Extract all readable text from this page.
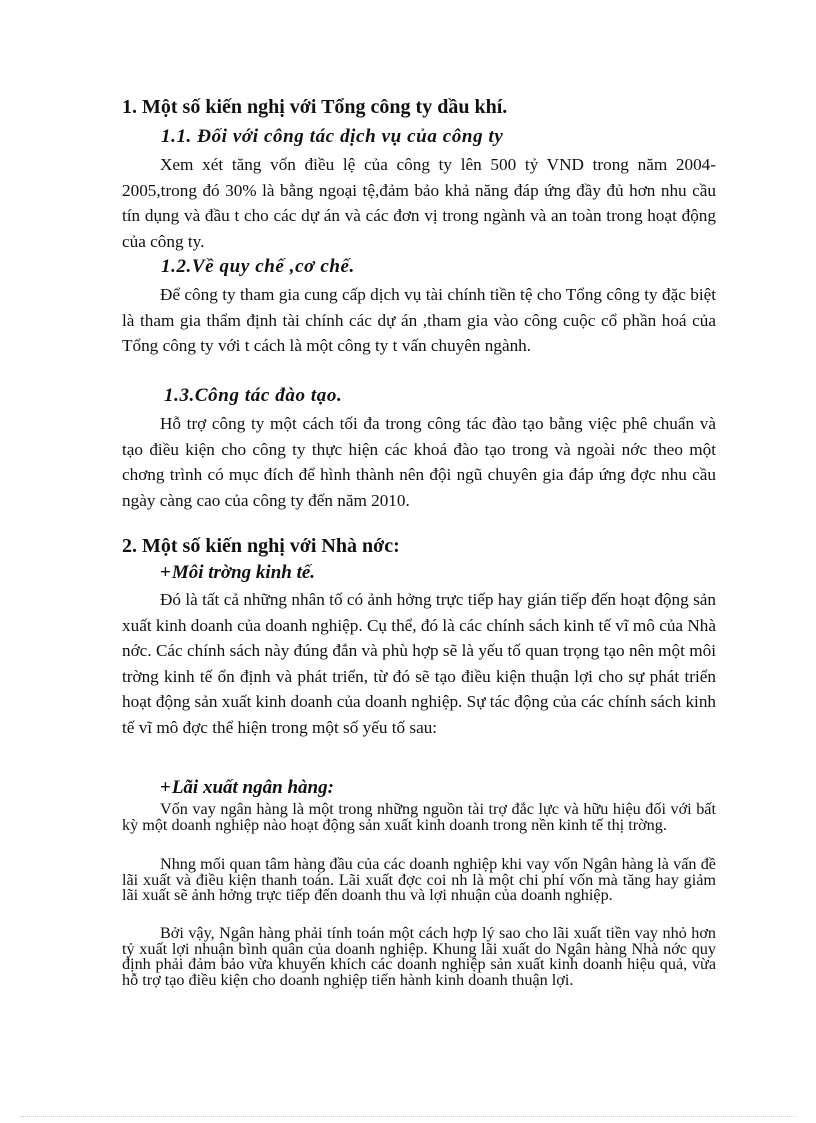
1. Một số kiến nghị với Tổng công ty dầu khí.
1.1. Đối với công tác dịch vụ của công ty

Xem xét tăng vốn điều lệ của công ty lên 500 tỷ VND trong năm 2004-2005,trong đó 30% là bằng ngoại tệ,đảm bảo khả năng đáp ứng đầy đủ hơn nhu cầu tín dụng và đầu t cho các dự án và các đơn vị trong ngành và an toàn trong hoạt động của công ty.

1.2.Về quy chế ,cơ chế.

Để công ty tham gia cung cấp dịch vụ tài chính tiền tệ cho Tổng công ty đặc biệt là tham gia thẩm định tài chính các dự án ,tham gia vào công cuộc cổ phần hoá của Tổng công ty với t cách là một công ty t vấn chuyên ngành.

1.3.Công tác đào tạo.

Hỗ trợ công ty một cách tối đa trong công tác đào tạo bằng việc phê chuẩn và tạo điều kiện cho công ty thực hiện các khoá đào tạo trong và ngoài nớc theo một chơng trình có mục đích để hình thành nên đội ngũ chuyên gia đáp ứng đợc nhu cầu ngày càng cao của công ty đến năm 2010.

2. Một số kiến nghị với Nhà nớc:
+Môi trờng kinh tế.

Đó là tất cả những nhân tố có ảnh hởng trực tiếp hay gián tiếp đến hoạt động sản xuất kinh doanh của doanh nghiệp. Cụ thể, đó là các chính sách kinh tế vĩ mô của Nhà nớc. Các chính sách này đúng đắn và phù hợp sẽ là yếu tố quan trọng tạo nên một môi trờng kinh tế ổn định và phát triển, từ đó sẽ tạo điều kiện thuận lợi cho sự phát triển hoạt động sản xuất kinh doanh của doanh nghiệp. Sự tác động của các chính sách kinh tế vĩ mô đợc thể hiện trong một số yếu tố sau:

+Lãi xuất ngân hàng:

Vốn vay ngân hàng là một trong những nguồn tài trợ đắc lực và hữu hiệu đối với bất kỳ một doanh nghiệp nào hoạt động sản xuất kinh doanh trong nền kinh tế thị trờng.

Nhng mối quan tâm hàng đầu của các doanh nghiệp khi vay vốn Ngân hàng là vấn đề lãi xuất và điều kiện thanh toán. Lãi xuất đợc coi nh là một chi phí vốn mà tăng hay giảm lãi xuất sẽ ảnh hởng trực tiếp đến doanh thu và lợi nhuận của doanh nghiệp.

Bởi vậy, Ngân hàng phải tính toán một cách hợp lý sao cho lãi xuất tiền vay nhỏ hơn tỷ xuất lợi nhuận bình quân của doanh nghiệp. Khung lãi xuất do Ngân hàng Nhà nớc quy định phải đảm bảo vừa khuyến khích các doanh nghiệp sản xuất kinh doanh hiệu quả, vừa hỗ trợ tạo điều kiện cho doanh nghiệp tiến hành kinh doanh thuận lợi.
